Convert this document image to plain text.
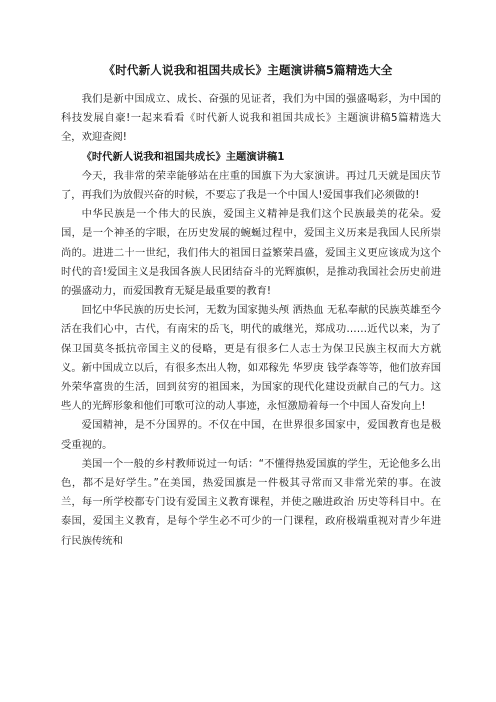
《时代新人说我和祖国共成长》主题演讲稿5篇精选大全

我们是新中国成立、成长、奋强的见证者，我们为中国的强盛喝彩，为中国的科技发展自豪!一起来看看《时代新人说我和祖国共成长》主题演讲稿5篇精选大全，欢迎查阅!

《时代新人说我和祖国共成长》主题演讲稿1

今天，我非常的荣幸能够站在庄重的国旗下为大家演讲。再过几天就是国庆节了，再我们为放假兴奋的时候，不要忘了我是一个中国人!爱国事我们必须做的!

中华民族是一个伟大的民族，爱国主义精神是我们这个民族最美的花朵。爱国，是一个神圣的字眼，在历史发展的蜿蜒过程中，爱国主义历来是我国人民所崇尚的。进进二十一世纪，我们伟大的祖国日益繁荣昌盛，爱国主义更应该成为这个时代的音!爱国主义是我国各族人民团结奋斗的光辉旗帜，是推动我国社会历史前进的强盛动力，而爱国教育无疑是最重要的教育!

回忆中华民族的历史长河，无数为国家抛头颅 洒热血 无私奉献的民族英雄至今活在我们心中，古代，有南宋的岳飞，明代的戚继光，郑成功……近代以来，为了保卫国莫冬抵抗帝国主义的侵略，更是有很多仁人志士为保卫民族主权而大方就义。新中国成立以后，有很多杰出人物，如邓稼先 华罗庚 钱学森等等，他们放弃国外荣华富贵的生活，回到贫穷的祖国来，为国家的现代化建设贡献自己的气力。这些人的光辉形象和他们可歌可泣的动人事迹，永恒激励着每一个中国人奋发向上!

爱国精神，是不分国界的。不仅在中国，在世界很多国家中，爱国教育也是极受重视的。

美国一个一般的乡村教师说过一句话：“不懂得热爱国旗的学生，无论他多么出色，都不是好学生。”在美国，热爱国旗是一件极其寻常而又非常光荣的事。在波兰，每一所学校都专门设有爱国主义教育课程，并使之融进政治 历史等科目中。在泰国，爱国主义教育，是每个学生必不可少的一门课程，政府极端重视对青少年进行民族传统和
